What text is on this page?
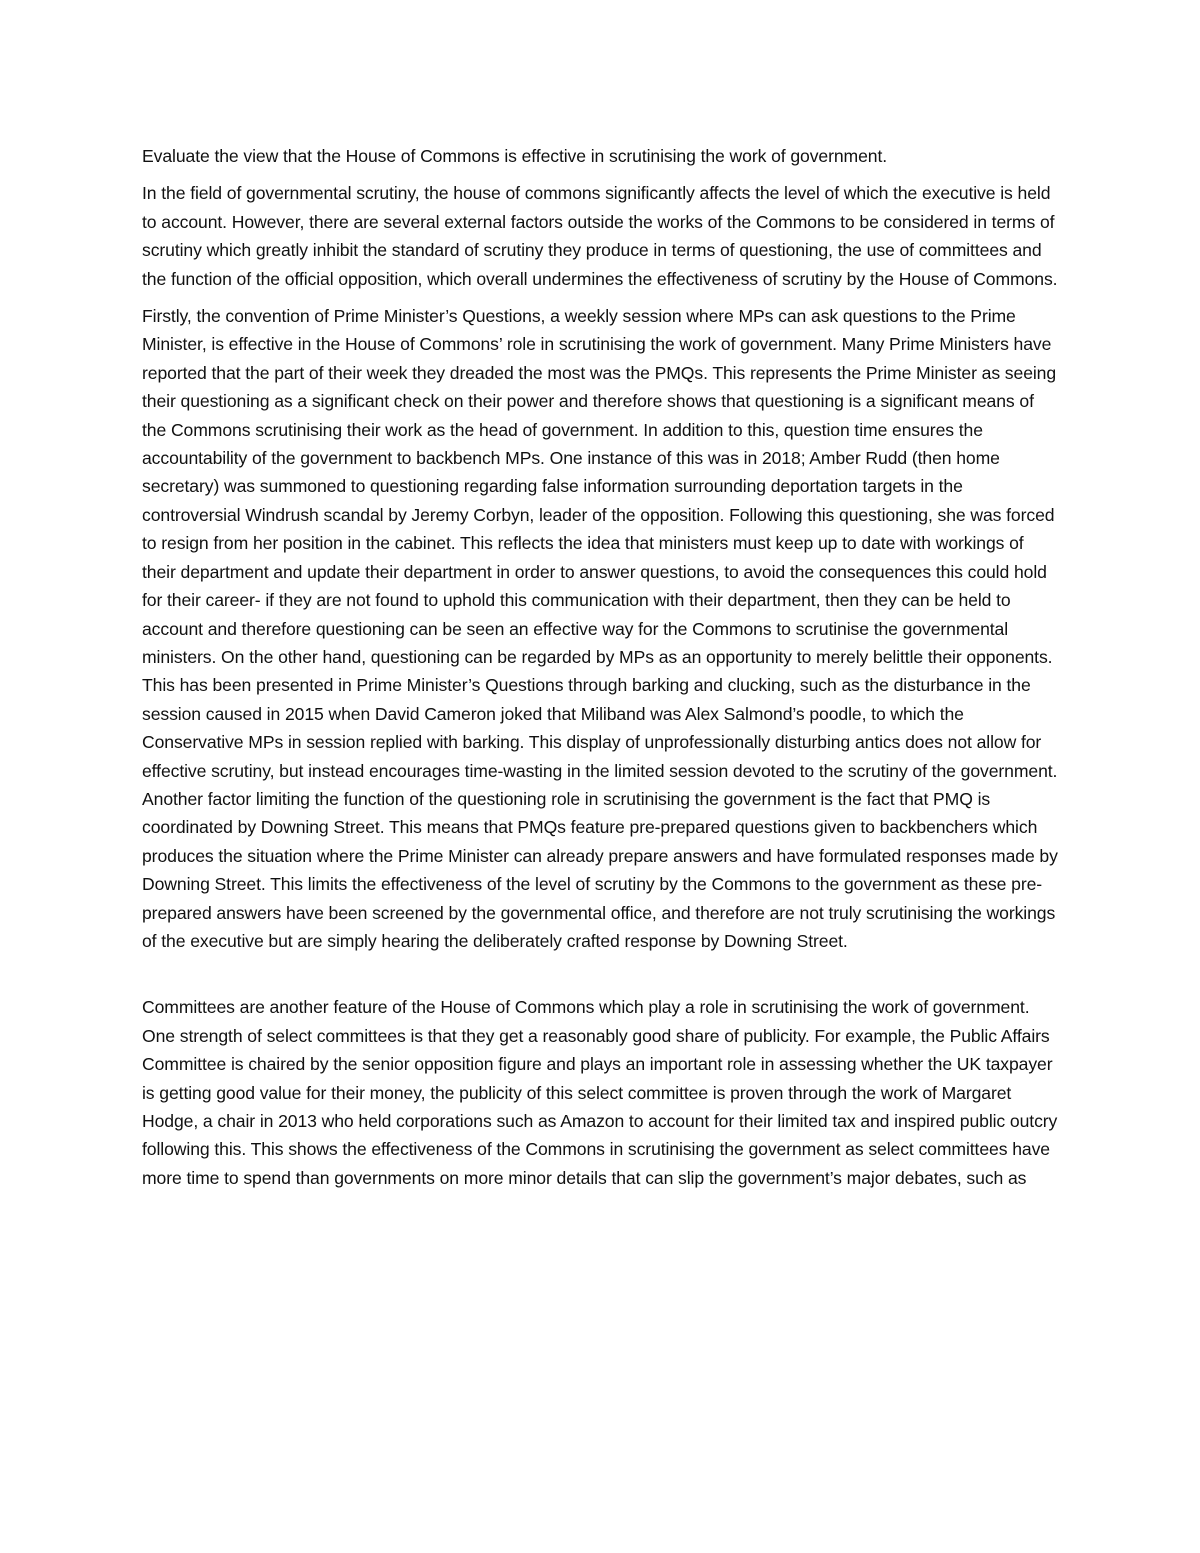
Evaluate the view that the House of Commons is effective in scrutinising the work of government.

In the field of governmental scrutiny, the house of commons significantly affects the level of which the executive is held to account. However, there are several external factors outside the works of the Commons to be considered in terms of scrutiny which greatly inhibit the standard of scrutiny they produce in terms of questioning, the use of committees and the function of the official opposition, which overall undermines the effectiveness of scrutiny by the House of Commons.

Firstly, the convention of Prime Minister’s Questions, a weekly session where MPs can ask questions to the Prime Minister, is effective in the House of Commons’ role in scrutinising the work of government. Many Prime Ministers have reported that the part of their week they dreaded the most was the PMQs. This represents the Prime Minister as seeing their questioning as a significant check on their power and therefore shows that questioning is a significant means of the Commons scrutinising their work as the head of government. In addition to this, question time ensures the accountability of the government to backbench MPs. One instance of this was in 2018; Amber Rudd (then home secretary) was summoned to questioning regarding false information surrounding deportation targets in the controversial Windrush scandal by Jeremy Corbyn, leader of the opposition. Following this questioning, she was forced to resign from her position in the cabinet. This reflects the idea that ministers must keep up to date with workings of their department and update their department in order to answer questions, to avoid the consequences this could hold for their career- if they are not found to uphold this communication with their department, then they can be held to account and therefore questioning can be seen an effective way for the Commons to scrutinise the governmental ministers. On the other hand, questioning can be regarded by MPs as an opportunity to merely belittle their opponents. This has been presented in Prime Minister’s Questions through barking and clucking, such as the disturbance in the session caused in 2015 when David Cameron joked that Miliband was Alex Salmond’s poodle, to which the Conservative MPs in session replied with barking. This display of unprofessionally disturbing antics does not allow for effective scrutiny, but instead encourages time-wasting in the limited session devoted to the scrutiny of the government. Another factor limiting the function of the questioning role in scrutinising the government is the fact that PMQ is coordinated by Downing Street. This means that PMQs feature pre-prepared questions given to backbenchers which produces the situation where the Prime Minister can already prepare answers and have formulated responses made by Downing Street. This limits the effectiveness of the level of scrutiny by the Commons to the government as these pre-prepared answers have been screened by the governmental office, and therefore are not truly scrutinising the workings of the executive but are simply hearing the deliberately crafted response by Downing Street.

Committees are another feature of the House of Commons which play a role in scrutinising the work of government. One strength of select committees is that they get a reasonably good share of publicity. For example, the Public Affairs Committee is chaired by the senior opposition figure and plays an important role in assessing whether the UK taxpayer is getting good value for their money, the publicity of this select committee is proven through the work of Margaret Hodge, a chair in 2013 who held corporations such as Amazon to account for their limited tax and inspired public outcry following this. This shows the effectiveness of the Commons in scrutinising the government as select committees have more time to spend than governments on more minor details that can slip the government’s major debates, such as
